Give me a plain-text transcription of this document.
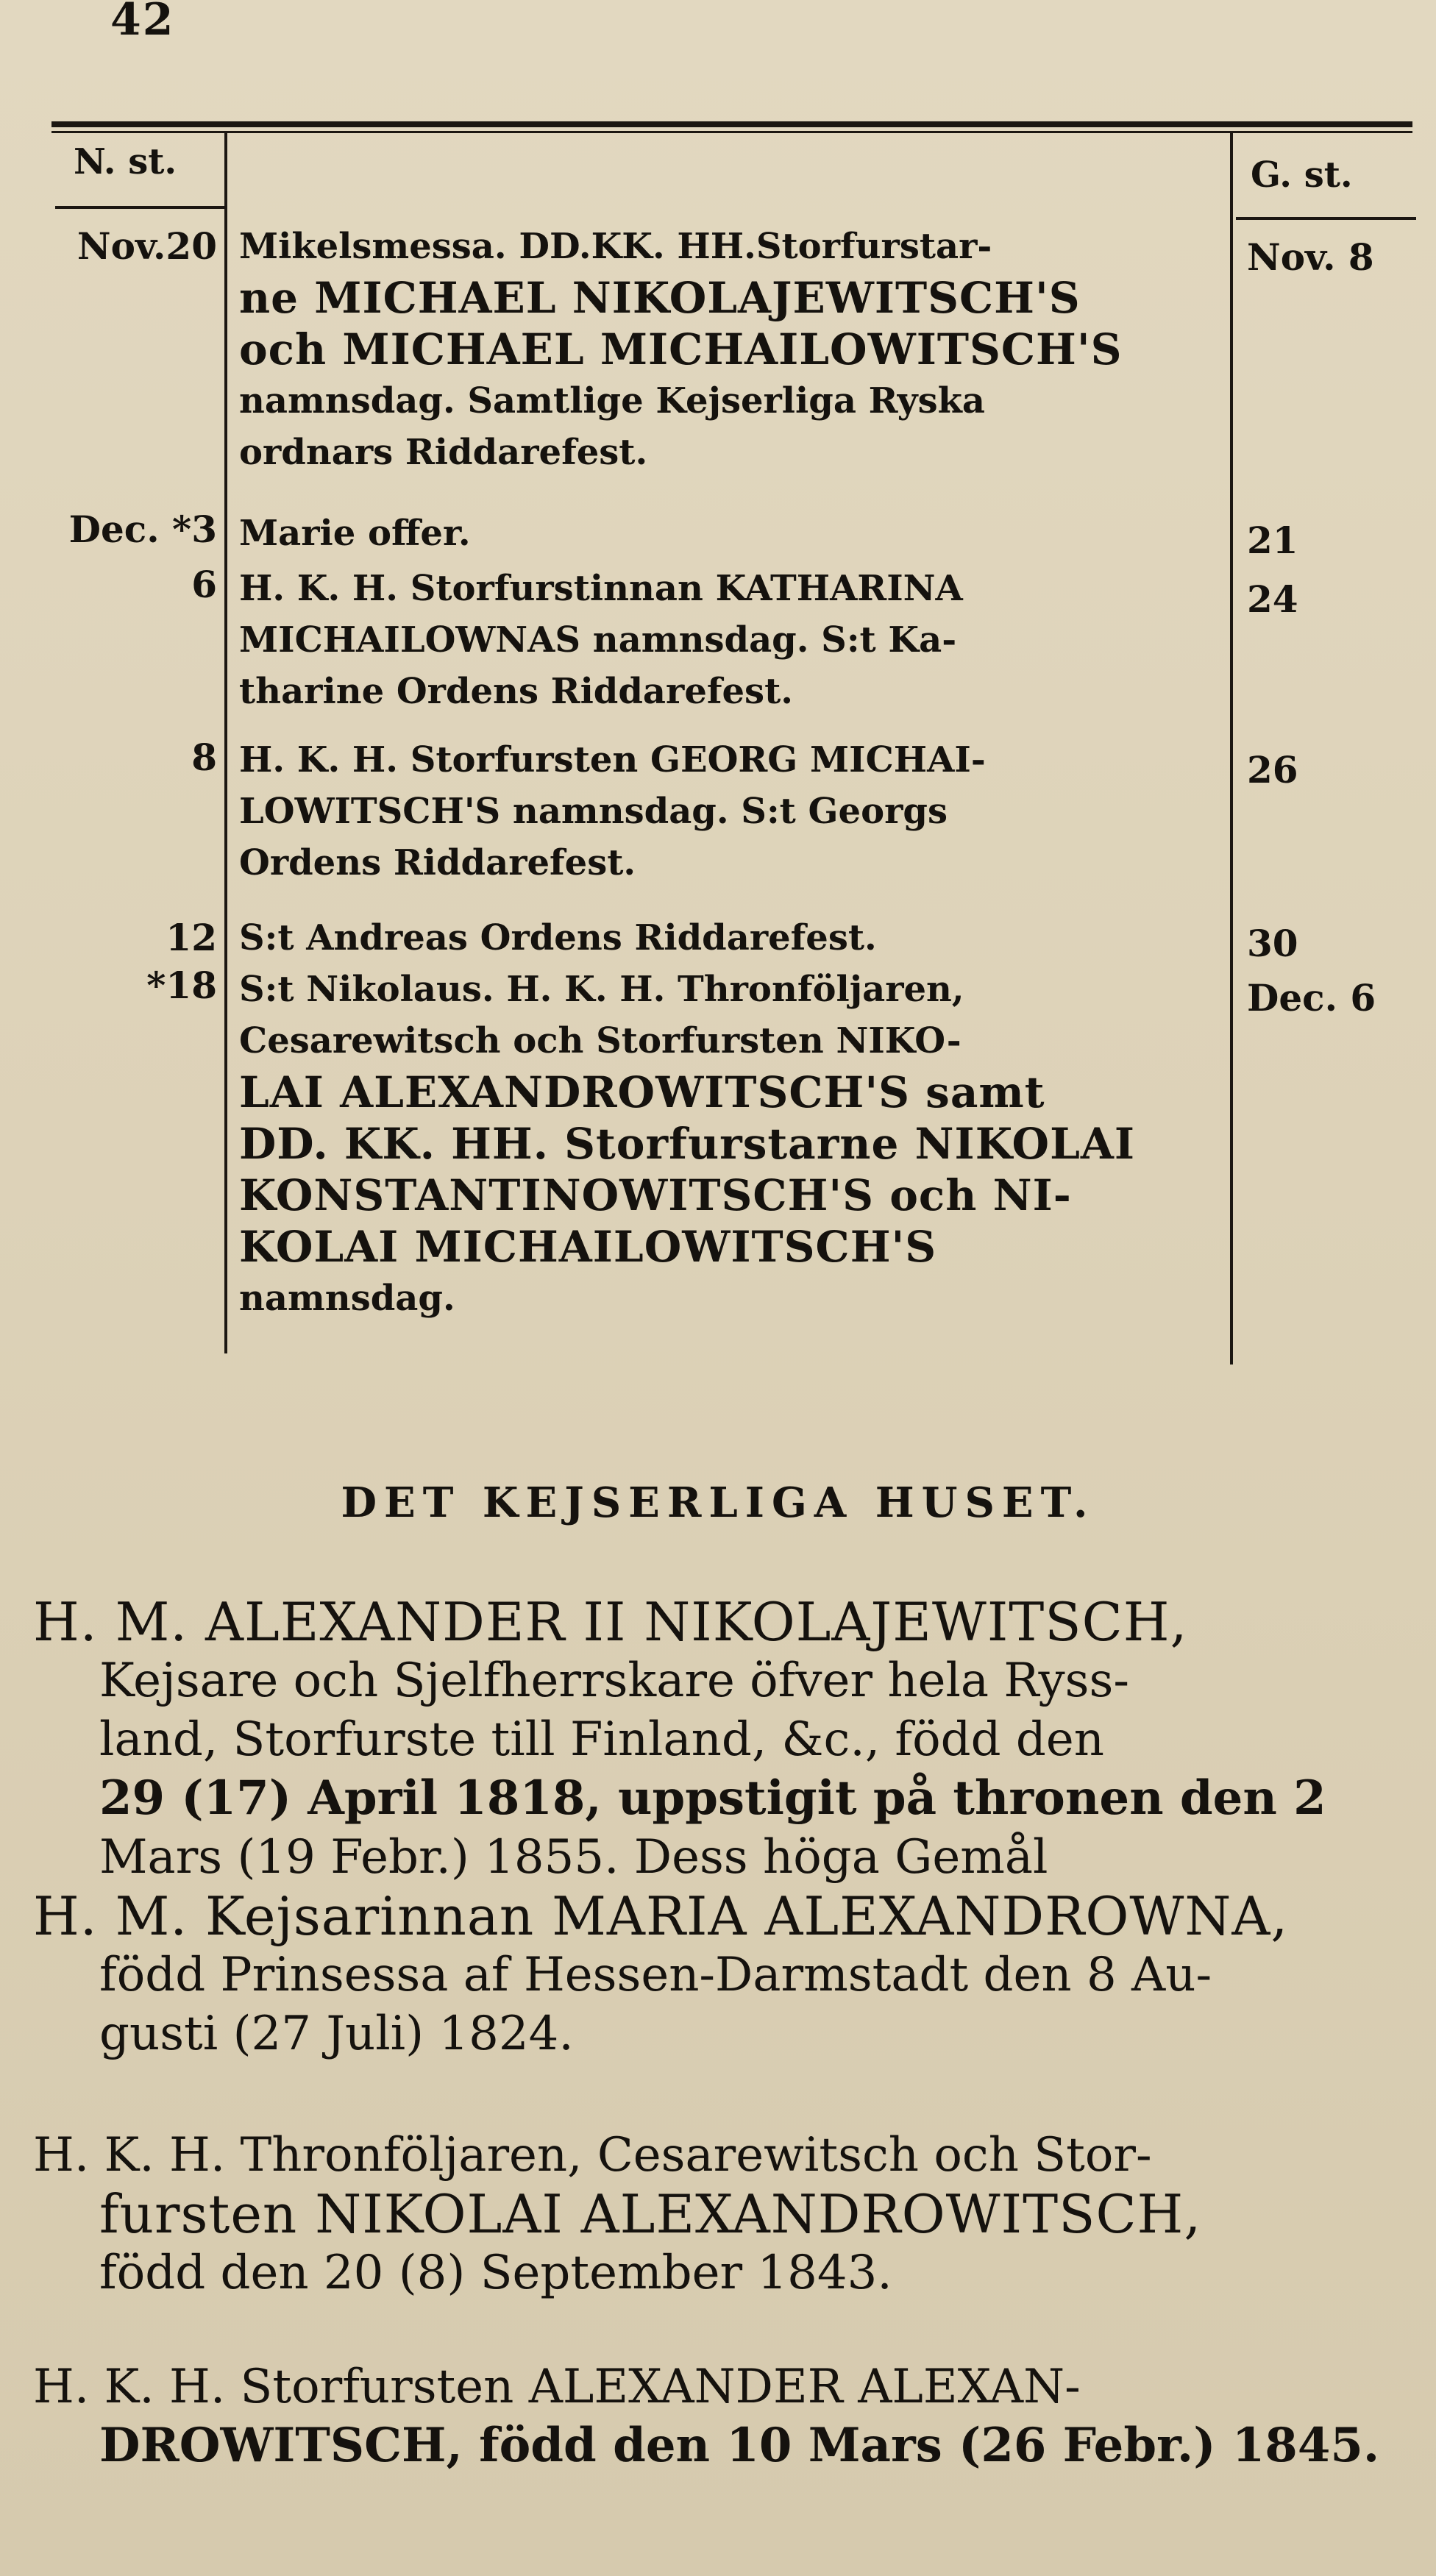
42
N. st.	G. st.
Nov.20
Dec. *3
6
8
12
*18
Nov. 8
21
24
26
30
Dec. 6
Mikelsmessa. DD.KK. HH.Storfurstar-
ne MICHAEL NIKOLAJEWITSCH'S
och MICHAEL MICHAILOWITSCH'S
namnsdag. Samtlige Kejserliga Ryska
ordnars Riddarefest.
Marie offer.
H. K. H. Storfurstinnan KATHARINA
MICHAILOWNAS namnsdag. S:t Ka-
tharine Ordens Riddarefest.
H. K. H. Storfursten GEORG MICHAI-
LOWITSCH'S namnsdag. S:t Georgs
Ordens Riddarefest.
S:t Andreas Ordens Riddarefest.
S:t Nikolaus. H. K. H. Thronföljaren,
Cesarewitsch och Storfursten NIKO-
LAI ALEXANDROWITSCH'S samt
DD. KK. HH. Storfurstarne NIKOLAI
KONSTANTINOWITSCH'S och NI-
KOLAI MICHAILOWITSCH'S
namnsdag.
DET KEJSERLIGA HUSET.
H. M. ALEXANDER II NIKOLAJEWITSCH,
Kejsare och Sjelfherrskare öfver hela Ryss-
land, Storfurste till Finland, &c., född den
29 (17) April 1818, uppstigit på thronen den 2
Mars (19 Febr.) 1855. Dess höga Gemål
H. M. Kejsarinnan MARIA ALEXANDROWNA,
född Prinsessa af Hessen-Darmstadt den 8 Au-
gusti (27 Juli) 1824.
H. K. H. Thronföljaren, Cesarewitsch och Stor-
fursten NIKOLAI ALEXANDROWITSCH,
född den 20 (8) September 1843.
H. K. H. Storfursten ALEXANDER ALEXAN-
DROWITSCH, född den 10 Mars (26 Febr.) 1845.
